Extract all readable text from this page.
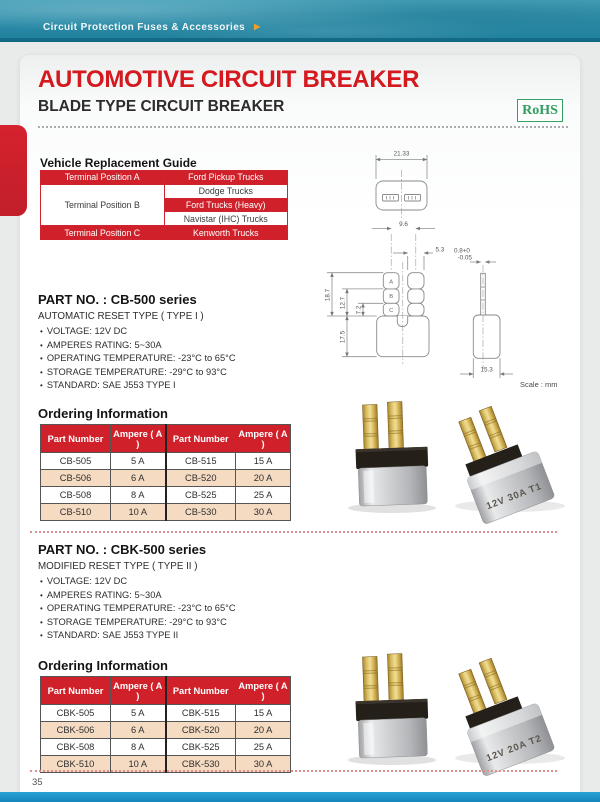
Circuit Protection Fuses & Accessories ▶
AUTOMOTIVE CIRCUIT BREAKER
BLADE TYPE CIRCUIT BREAKER	RoHS
Vehicle Replacement Guide
Terminal Position A	Ford Pickup Trucks
Terminal Position B	Dodge Trucks
	Ford Trucks (Heavy)
	Navistar (IHC) Trucks
Terminal Position C	Kenworth Trucks
21.33
A
B
C
9.6
5.3 0.8+0
-0.05
18.7
12.7
7.2
17.5
15.3
Scale : mm
PART NO. : CB-500 series
AUTOMATIC RESET TYPE ( TYPE I )
• VOLTAGE: 12V DC
• AMPERES RATING: 5~30A
• OPERATING TEMPERATURE: -23°C to 65°C
• STORAGE TEMPERATURE: -29°C to 93°C
• STANDARD: SAE J553 TYPE I
Ordering Information
Part Number	Ampere ( A )	Part Number	Ampere ( A )
CB-505	5 A	CB-515	15 A
CB-506	6 A	CB-520	20 A
CB-508	8 A	CB-525	25 A
CB-510	10 A	CB-530	30 A	12V 30A T1
PART NO. : CBK-500 series
MODIFIED RESET TYPE ( TYPE II )
• VOLTAGE: 12V DC
• AMPERES RATING: 5~30A
• OPERATING TEMPERATURE: -23°C to 65°C
• STORAGE TEMPERATURE: -29°C to 93°C
• STANDARD: SAE J553 TYPE II
Ordering Information
Part Number	Ampere ( A )	Part Number	Ampere ( A )
CBK-505	5 A	CBK-515	15 A
CBK-506	6 A	CBK-520	20 A
CBK-508	8 A	CBK-525	25 A
CBK-510	10 A	CBK-530	30 A	12V 20A T2
35
